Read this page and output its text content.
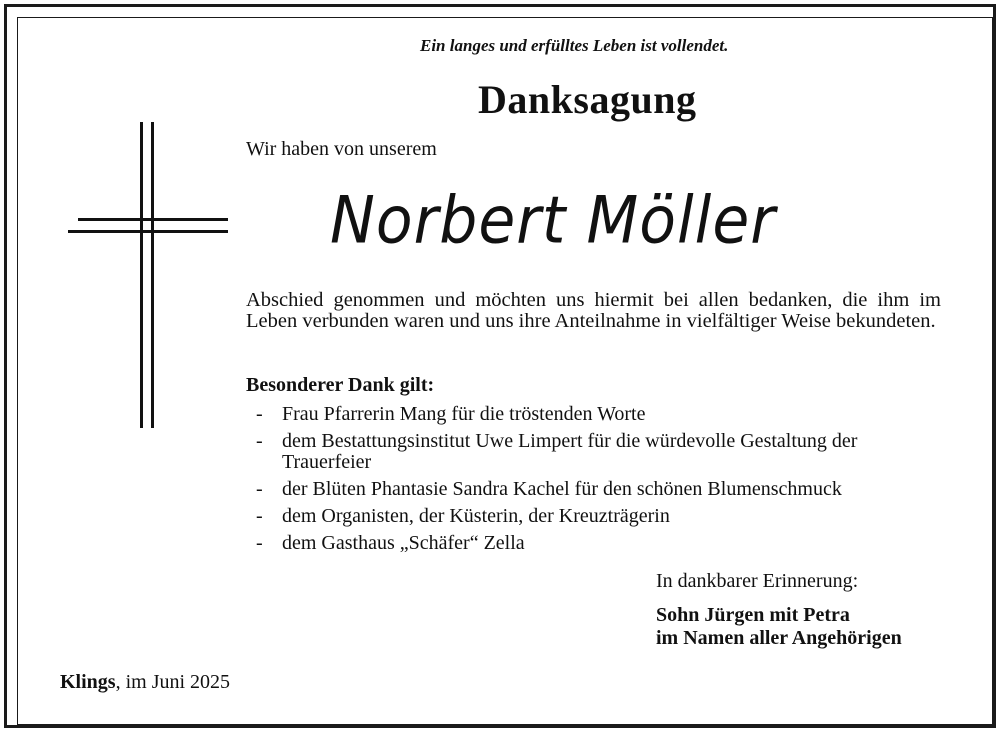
Ein langes und erfülltes Leben ist vollendet.
Danksagung
Wir haben von unserem
Norbert Möller
Abschied genommen und möchten uns hiermit bei allen bedanken, die ihm im Leben verbunden waren und uns ihre Anteilnahme in vielfältiger Weise bekundeten.
Besonderer Dank gilt:
- Frau Pfarrerin Mang für die tröstenden Worte
- dem Bestattungsinstitut Uwe Limpert für die würdevolle Gestaltung der Trauerfeier
- der Blüten Phantasie Sandra Kachel für den schönen Blumenschmuck
- dem Organisten, der Küsterin, der Kreuzträgerin
- dem Gasthaus „Schäfer“ Zella
In dankbarer Erinnerung:
Sohn Jürgen mit Petra
im Namen aller Angehörigen
Klings, im Juni 2025
